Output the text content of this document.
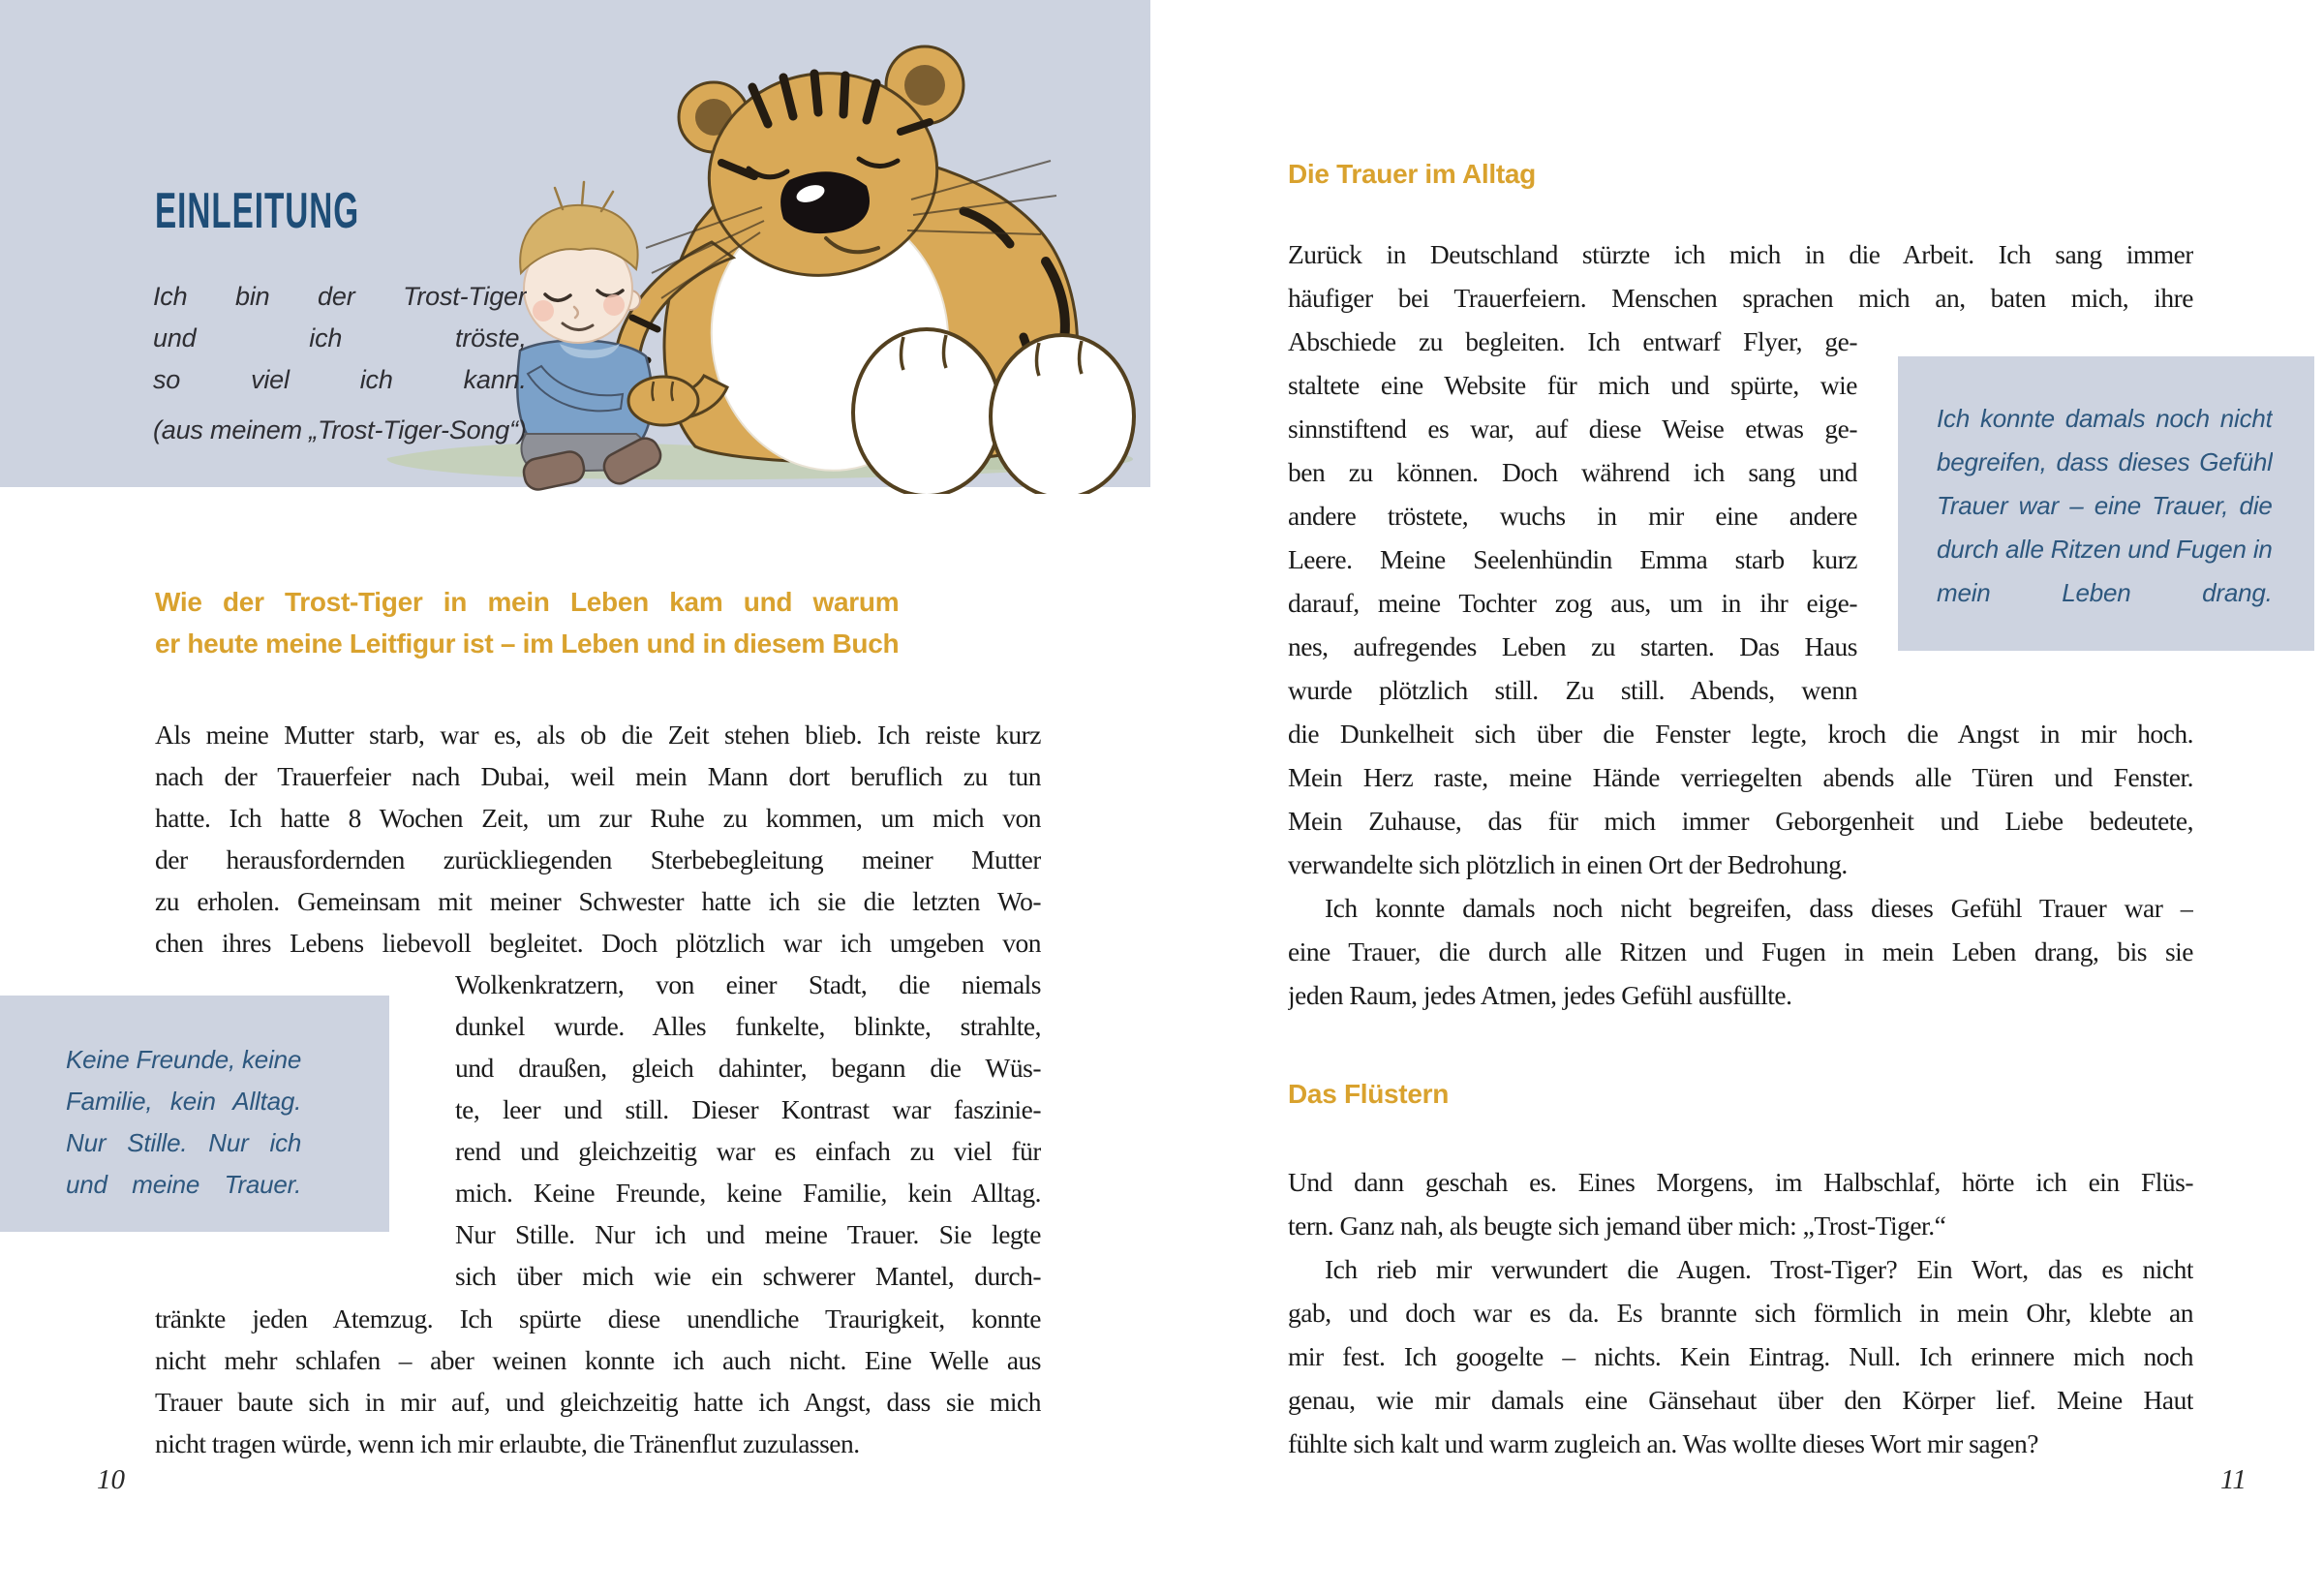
EINLEITUNG
Ich bin der Trost-Tiger
und ich tröste,
so viel ich kann.
(aus meinem „Trost-Tiger-Song“)
Wie der Trost-Tiger in mein Leben kam und warum
er heute meine Leitfigur ist – im Leben und in diesem Buch
Als meine Mutter starb, war es, als ob die Zeit stehen blieb. Ich reiste kurz
nach der Trauerfeier nach Dubai, weil mein Mann dort beruflich zu tun
hatte. Ich hatte 8 Wochen Zeit, um zur Ruhe zu kommen, um mich von
der herausfordernden zurückliegenden Sterbebegleitung meiner Mutter
zu erholen. Gemeinsam mit meiner Schwester hatte ich sie die letzten Wo-
chen ihres Lebens liebevoll begleitet. Doch plötzlich war ich umgeben von
Wolkenkratzern, von einer Stadt, die niemals
dunkel wurde. Alles funkelte, blinkte, strahlte,
und draußen, gleich dahinter, begann die Wüs-
te, leer und still. Dieser Kontrast war faszinie-
rend und gleichzeitig war es einfach zu viel für
mich. Keine Freunde, keine Familie, kein Alltag.
Nur Stille. Nur ich und meine Trauer. Sie legte
sich über mich wie ein schwerer Mantel, durch-
tränkte jeden Atemzug. Ich spürte diese unendliche Traurigkeit, konnte
nicht mehr schlafen – aber weinen konnte ich auch nicht. Eine Welle aus
Trauer baute sich in mir auf, und gleichzeitig hatte ich Angst, dass sie mich
nicht tragen würde, wenn ich mir erlaubte, die Tränenflut zuzulassen.
Keine Freunde, keine
Familie, kein Alltag.
Nur Stille. Nur ich
und meine Trauer.
10
Die Trauer im Alltag
Zurück in Deutschland stürzte ich mich in die Arbeit. Ich sang immer
häufiger bei Trauerfeiern. Menschen sprachen mich an, baten mich, ihre
Abschiede zu begleiten. Ich entwarf Flyer, ge-
staltete eine Website für mich und spürte, wie
sinnstiftend es war, auf diese Weise etwas ge-
ben zu können. Doch während ich sang und
andere tröstete, wuchs in mir eine andere
Leere. Meine Seelenhündin Emma starb kurz
darauf, meine Tochter zog aus, um in ihr eige-
nes, aufregendes Leben zu starten. Das Haus
wurde plötzlich still. Zu still. Abends, wenn
die Dunkelheit sich über die Fenster legte, kroch die Angst in mir hoch.
Mein Herz raste, meine Hände verriegelten abends alle Türen und Fenster.
Mein Zuhause, das für mich immer Geborgenheit und Liebe bedeutete,
verwandelte sich plötzlich in einen Ort der Bedrohung.
Ich konnte damals noch nicht begreifen, dass dieses Gefühl Trauer war –
eine Trauer, die durch alle Ritzen und Fugen in mein Leben drang, bis sie
jeden Raum, jedes Atmen, jedes Gefühl ausfüllte.
Ich konnte damals noch nicht
begreifen, dass dieses Gefühl
Trauer war – eine Trauer, die
durch alle Ritzen und Fugen in
mein Leben drang.
Das Flüstern
Und dann geschah es. Eines Morgens, im Halbschlaf, hörte ich ein Flüs-
tern. Ganz nah, als beugte sich jemand über mich: „Trost-Tiger.“
Ich rieb mir verwundert die Augen. Trost-Tiger? Ein Wort, das es nicht
gab, und doch war es da. Es brannte sich förmlich in mein Ohr, klebte an
mir fest. Ich googelte – nichts. Kein Eintrag. Null. Ich erinnere mich noch
genau, wie mir damals eine Gänsehaut über den Körper lief. Meine Haut
fühlte sich kalt und warm zugleich an. Was wollte dieses Wort mir sagen?
11
